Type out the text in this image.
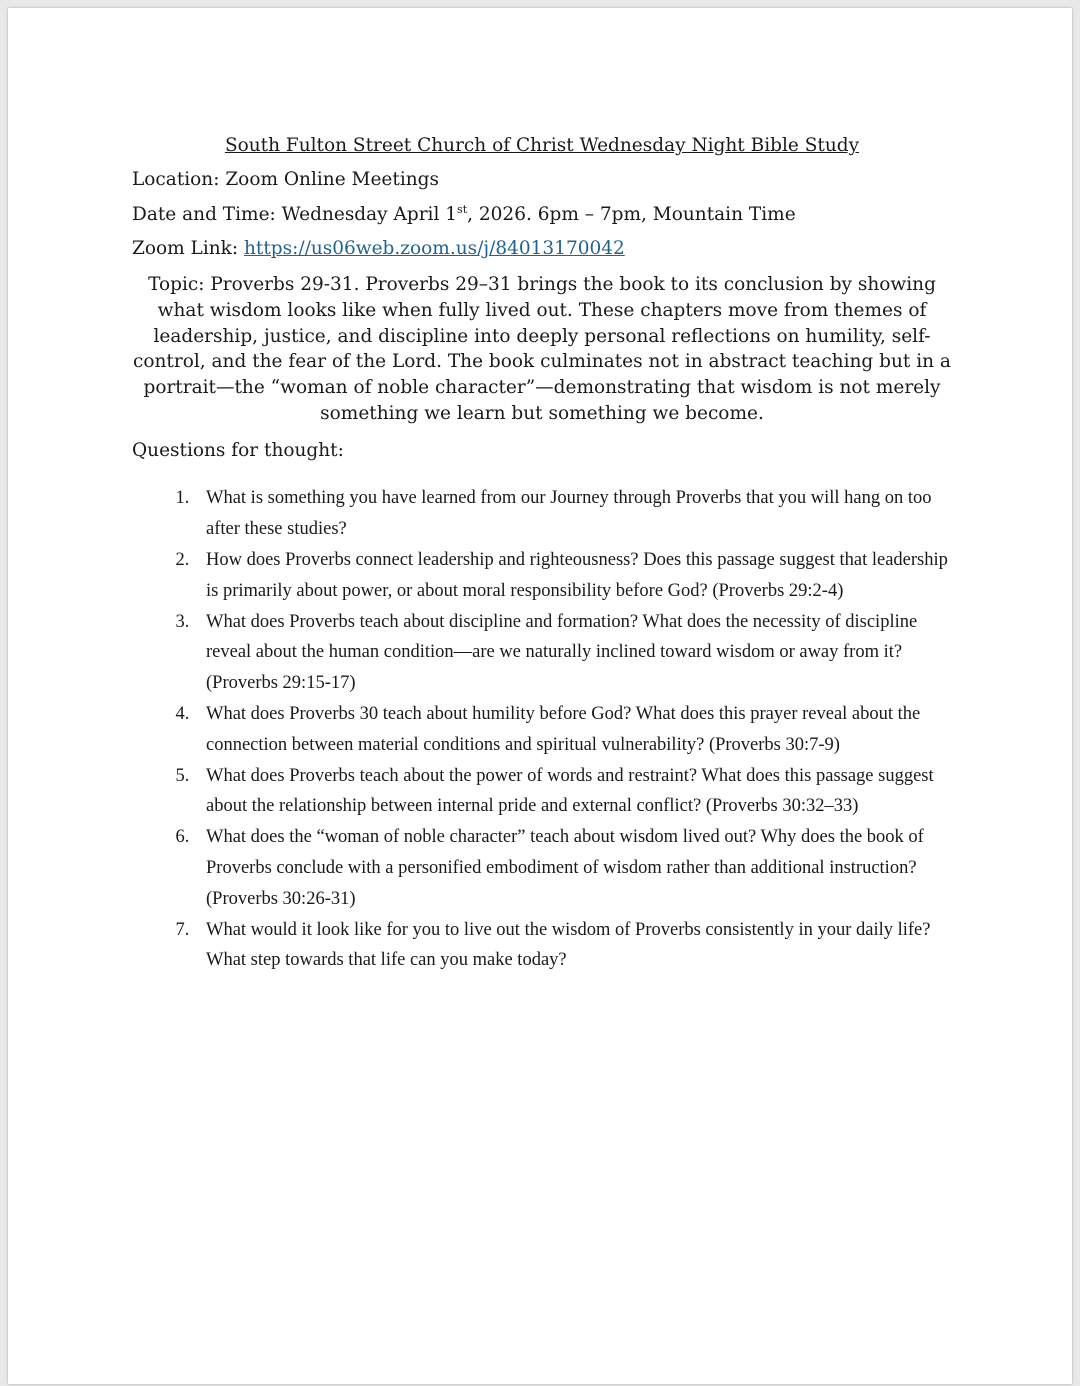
South Fulton Street Church of Christ Wednesday Night Bible Study

Location: Zoom Online Meetings

Date and Time: Wednesday April 1st, 2026. 6pm – 7pm, Mountain Time

Zoom Link: https://us06web.zoom.us/j/84013170042

Topic: Proverbs 29-31. Proverbs 29–31 brings the book to its conclusion by showing what wisdom looks like when fully lived out. These chapters move from themes of leadership, justice, and discipline into deeply personal reflections on humility, self-control, and the fear of the Lord. The book culminates not in abstract teaching but in a portrait—the “woman of noble character”—demonstrating that wisdom is not merely something we learn but something we become.

Questions for thought:

1. What is something you have learned from our Journey through Proverbs that you will hang on too after these studies?
2. How does Proverbs connect leadership and righteousness? Does this passage suggest that leadership is primarily about power, or about moral responsibility before God? (Proverbs 29:2-4)
3. What does Proverbs teach about discipline and formation? What does the necessity of discipline reveal about the human condition—are we naturally inclined toward wisdom or away from it? (Proverbs 29:15-17)
4. What does Proverbs 30 teach about humility before God? What does this prayer reveal about the connection between material conditions and spiritual vulnerability? (Proverbs 30:7-9)
5. What does Proverbs teach about the power of words and restraint? What does this passage suggest about the relationship between internal pride and external conflict? (Proverbs 30:32–33)
6. What does the “woman of noble character” teach about wisdom lived out? Why does the book of Proverbs conclude with a personified embodiment of wisdom rather than additional instruction? (Proverbs 30:26-31)
7. What would it look like for you to live out the wisdom of Proverbs consistently in your daily life? What step towards that life can you make today?
